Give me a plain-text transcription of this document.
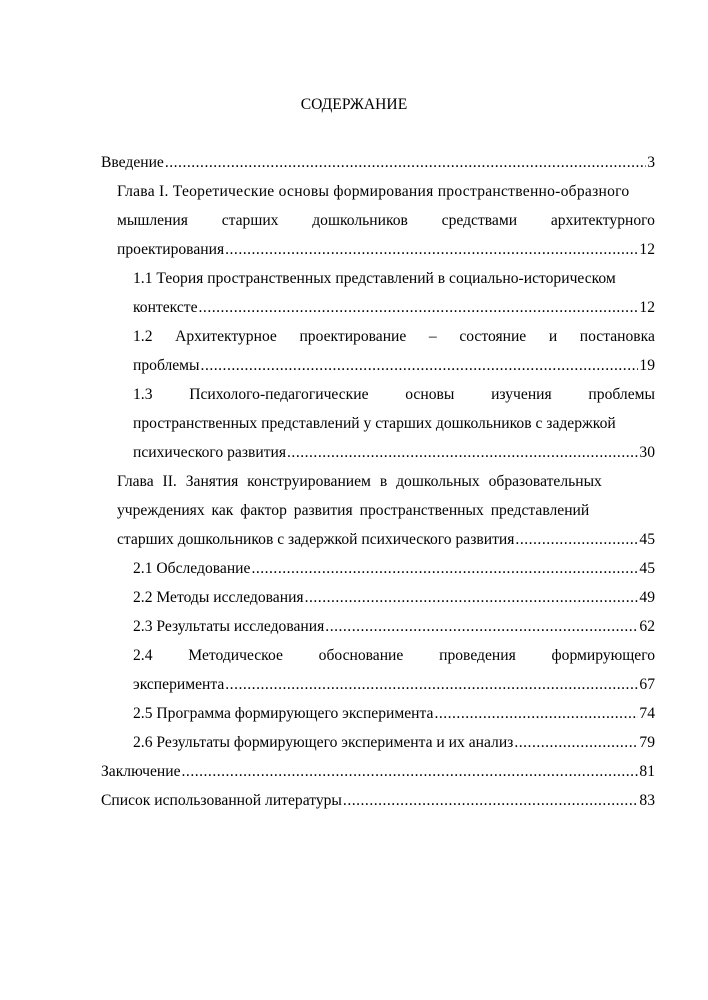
СОДЕРЖАНИЕ
Введение .....	3
Глава I. Теоретические основы формирования пространственно-образного
мышления старших дошкольников средствами архитектурного
проектирования .....	12
1.1 Теория пространственных представлений в социально-историческом
контексте .....	12
1.2 Архитектурное проектирование – состояние и постановка
проблемы .....	19
1.3 Психолого-педагогические основы изучения проблемы
пространственных представлений у старших дошкольников с задержкой
психического развития .....	30
Глава II. Занятия конструированием в дошкольных образовательных
учреждениях как фактор развития пространственных представлений
старших дошкольников с задержкой психического развития .....	45
2.1 Обследование .....	45
2.2 Методы исследования .....	49
2.3 Результаты исследования .....	62
2.4 Методическое обоснование проведения формирующего
эксперимента .....	67
2.5 Программа формирующего эксперимента .....	74
2.6 Результаты формирующего эксперимента и их анализ .....	79
Заключение .....	81
Список использованной литературы .....	83
